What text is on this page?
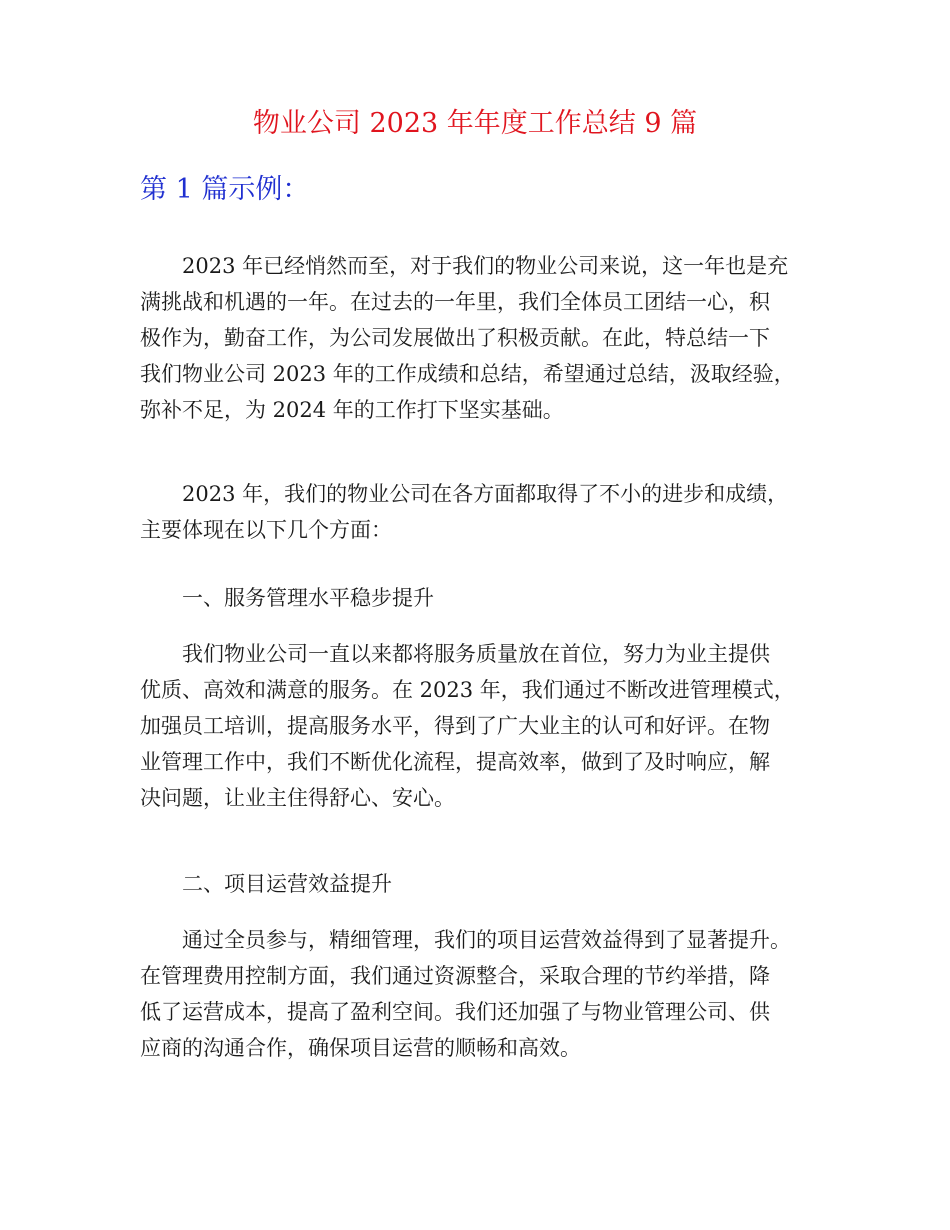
物业公司 2023 年年度工作总结 9 篇
第 1 篇示例：
2023 年已经悄然而至，对于我们的物业公司来说，这一年也是充
满挑战和机遇的一年。在过去的一年里，我们全体员工团结一心，积
极作为，勤奋工作，为公司发展做出了积极贡献。在此，特总结一下
我们物业公司 2023 年的工作成绩和总结，希望通过总结，汲取经验，
弥补不足，为 2024 年的工作打下坚实基础。
2023 年，我们的物业公司在各方面都取得了不小的进步和成绩，
主要体现在以下几个方面：
一、服务管理水平稳步提升
我们物业公司一直以来都将服务质量放在首位，努力为业主提供
优质、高效和满意的服务。在 2023 年，我们通过不断改进管理模式，
加强员工培训，提高服务水平，得到了广大业主的认可和好评。在物
业管理工作中，我们不断优化流程，提高效率，做到了及时响应，解
决问题，让业主住得舒心、安心。
二、项目运营效益提升
通过全员参与，精细管理，我们的项目运营效益得到了显著提升。
在管理费用控制方面，我们通过资源整合，采取合理的节约举措，降
低了运营成本，提高了盈利空间。我们还加强了与物业管理公司、供
应商的沟通合作，确保项目运营的顺畅和高效。
